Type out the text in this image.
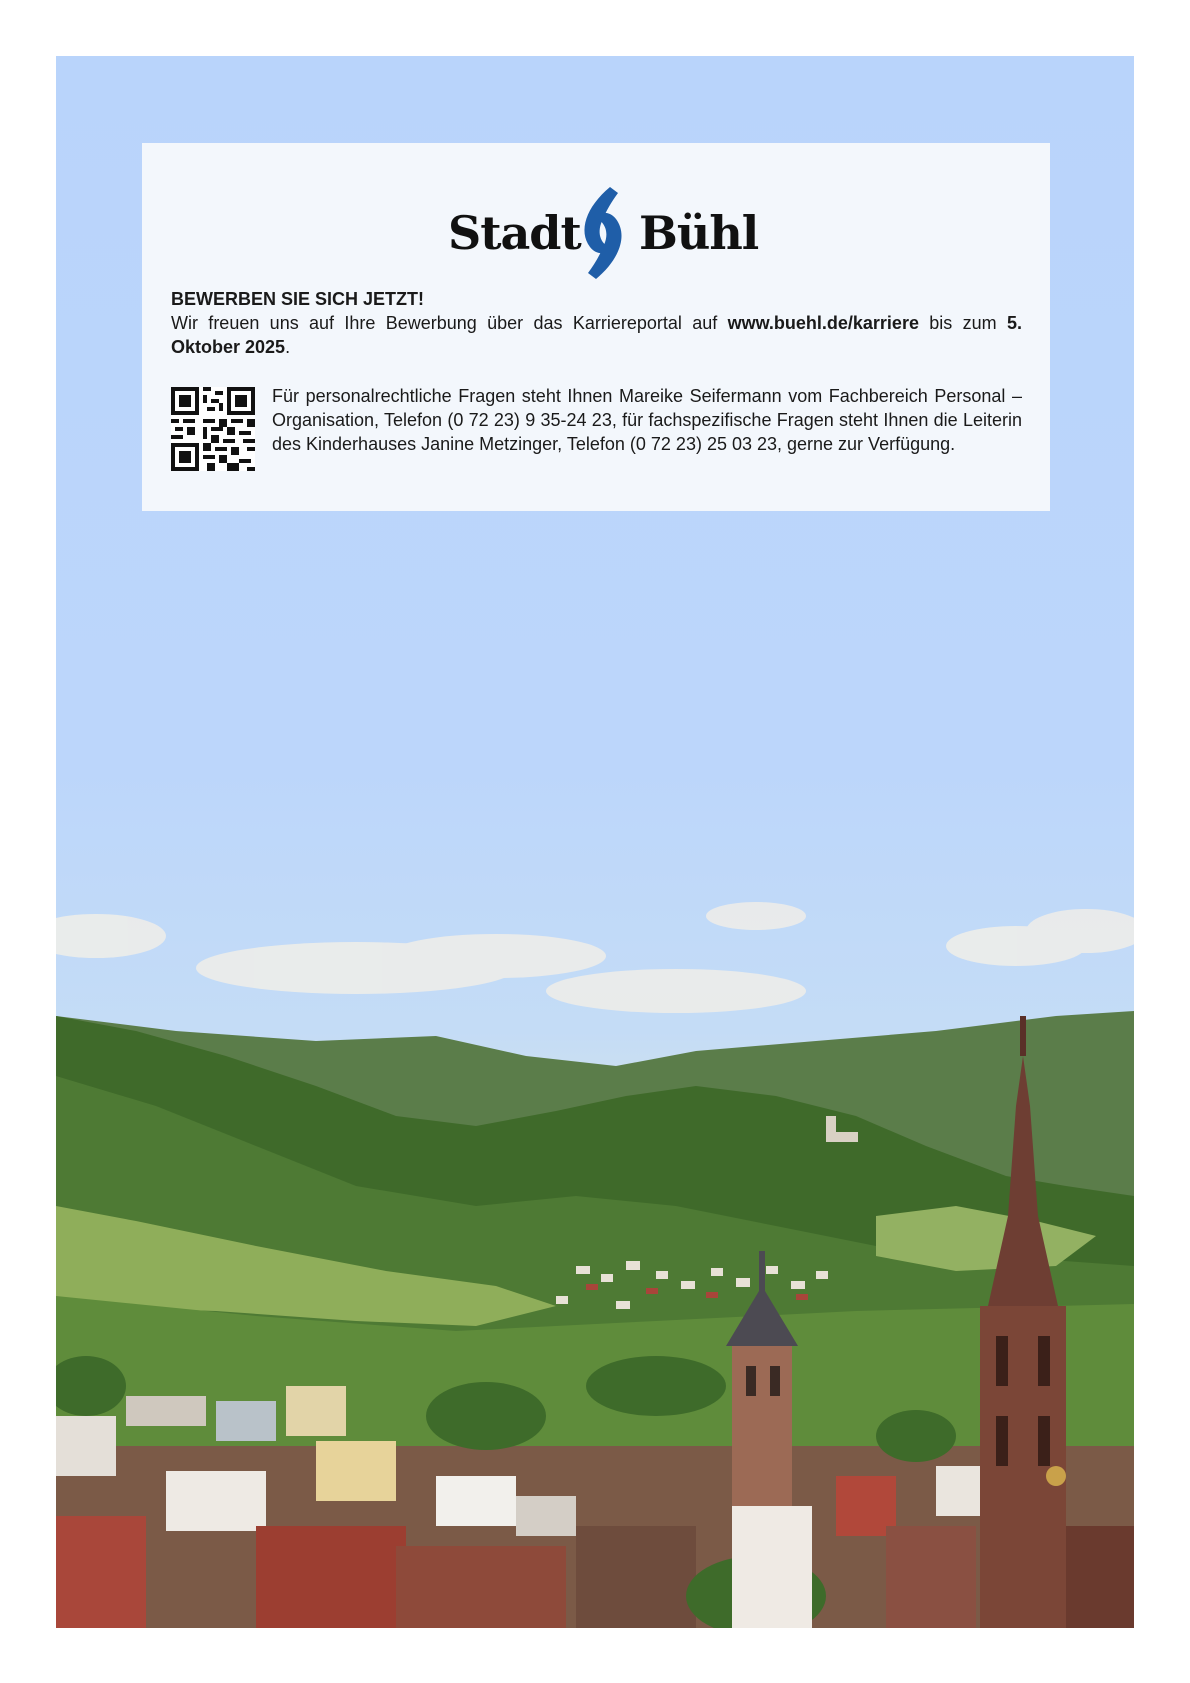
Stadt Bühl

BEWERBEN SIE SICH JETZT!

Wir freuen uns auf Ihre Bewerbung über das Karriereportal auf www.buehl.de/karriere bis zum 5. Oktober 2025.

Für personalrechtliche Fragen steht Ihnen Mareike Seifermann vom Fachbereich Personal – Organisation, Telefon (0 72 23) 9 35-24 23, für fachspezifische Fragen steht Ihnen die Leiterin des Kinderhauses Janine Metzinger, Telefon (0 72 23) 25 03 23, gerne zur Verfügung.
